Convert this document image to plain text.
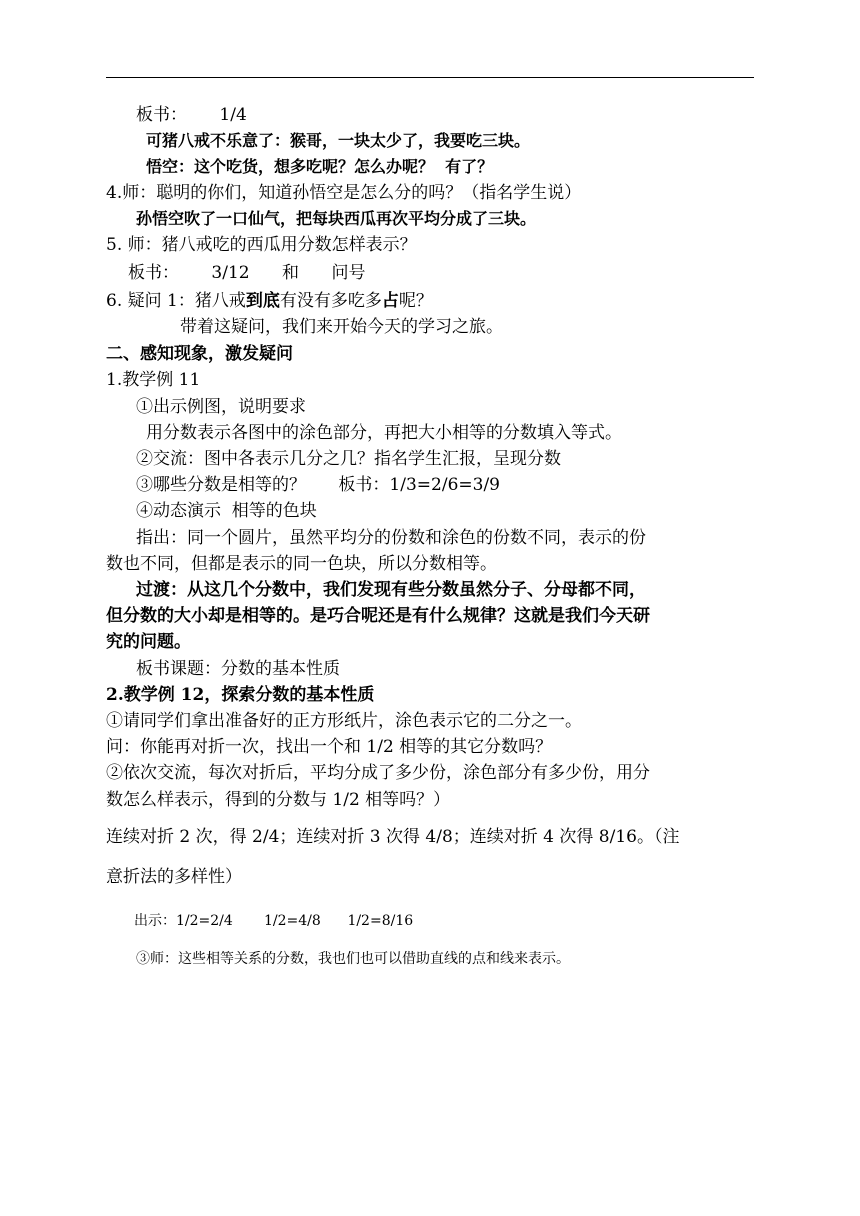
板书：      1/4
可猪八戒不乐意了：猴哥，一块太少了，我要吃三块。
悟空：这个吃货，想多吃呢？怎么办呢？  有了？
4.师：聪明的你们，知道孙悟空是怎么分的吗？（指名学生说）
孙悟空吹了一口仙气，把每块西瓜再次平均分成了三块。
5. 师：猪八戒吃的西瓜用分数怎样表示？
板书：      3/12      和      问号
6. 疑问 1：猪八戒到底有没有多吃多占呢？
带着这疑问，我们来开始今天的学习之旅。
二、感知现象，激发疑问
1.教学例 11
①出示例图，说明要求
用分数表示各图中的涂色部分，再把大小相等的分数填入等式。
②交流：图中各表示几分之几？指名学生汇报，呈现分数
③哪些分数是相等的？      板书：1/3=2/6=3/9
④动态演示  相等的色块
指出：同一个圆片，虽然平均分的份数和涂色的份数不同，表示的份
数也不同，但都是表示的同一色块，所以分数相等。
过渡：从这几个分数中，我们发现有些分数虽然分子、分母都不同，
但分数的大小却是相等的。是巧合呢还是有什么规律？这就是我们今天研
究的问题。
板书课题：分数的基本性质
2.教学例 12，探索分数的基本性质
①请同学们拿出准备好的正方形纸片，涂色表示它的二分之一。
问：你能再对折一次，找出一个和 1/2 相等的其它分数吗？
②依次交流，每次对折后，平均分成了多少份，涂色部分有多少份，用分
数怎么样表示，得到的分数与 1/2 相等吗？）
连续对折 2 次，得 2/4；连续对折 3 次得 4/8；连续对折 4 次得 8/16。（注
意折法的多样性）
出示：1/2=2/4       1/2=4/8      1/2=8/16
③师：这些相等关系的分数，我也们也可以借助直线的点和线来表示。
